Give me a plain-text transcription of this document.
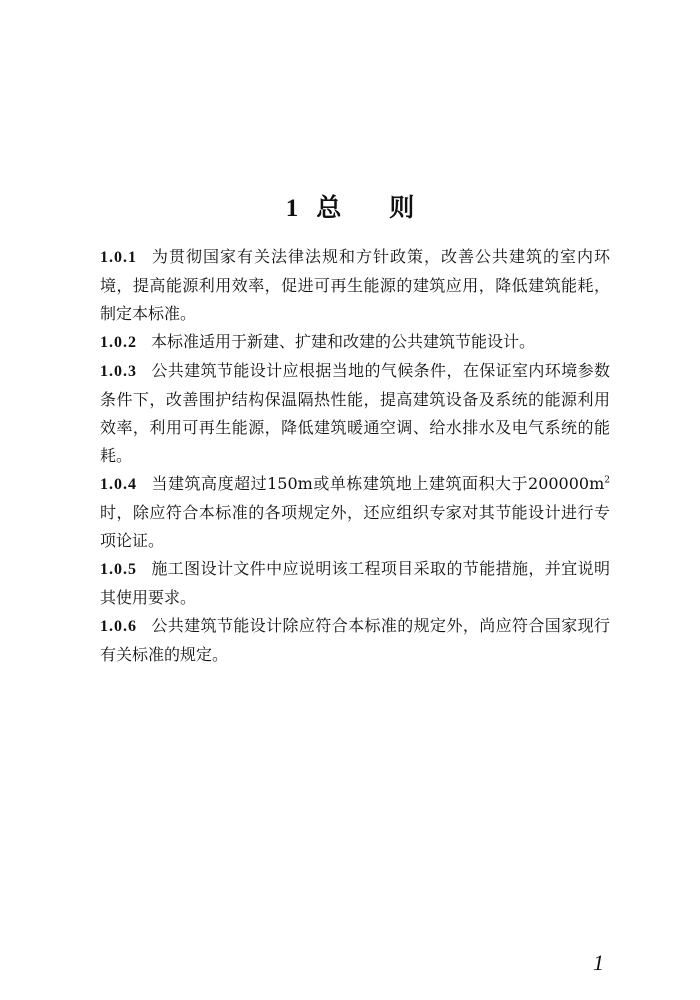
1 总则

1.0.1 为贯彻国家有关法律法规和方针政策，改善公共建筑的室内环境，提高能源利用效率，促进可再生能源的建筑应用，降低建筑能耗，制定本标准。

1.0.2 本标准适用于新建、扩建和改建的公共建筑节能设计。

1.0.3 公共建筑节能设计应根据当地的气候条件，在保证室内环境参数条件下，改善围护结构保温隔热性能，提高建筑设备及系统的能源利用效率，利用可再生能源，降低建筑暖通空调、给水排水及电气系统的能耗。

1.0.4 当建筑高度超过150m或单栋建筑地上建筑面积大于$200000m^2$时，除应符合本标准的各项规定外，还应组织专家对其节能设计进行专项论证。

1.0.5 施工图设计文件中应说明该工程项目采取的节能措施，并宜说明其使用要求。

1.0.6 公共建筑节能设计除应符合本标准的规定外，尚应符合国家现行有关标准的规定。

1
